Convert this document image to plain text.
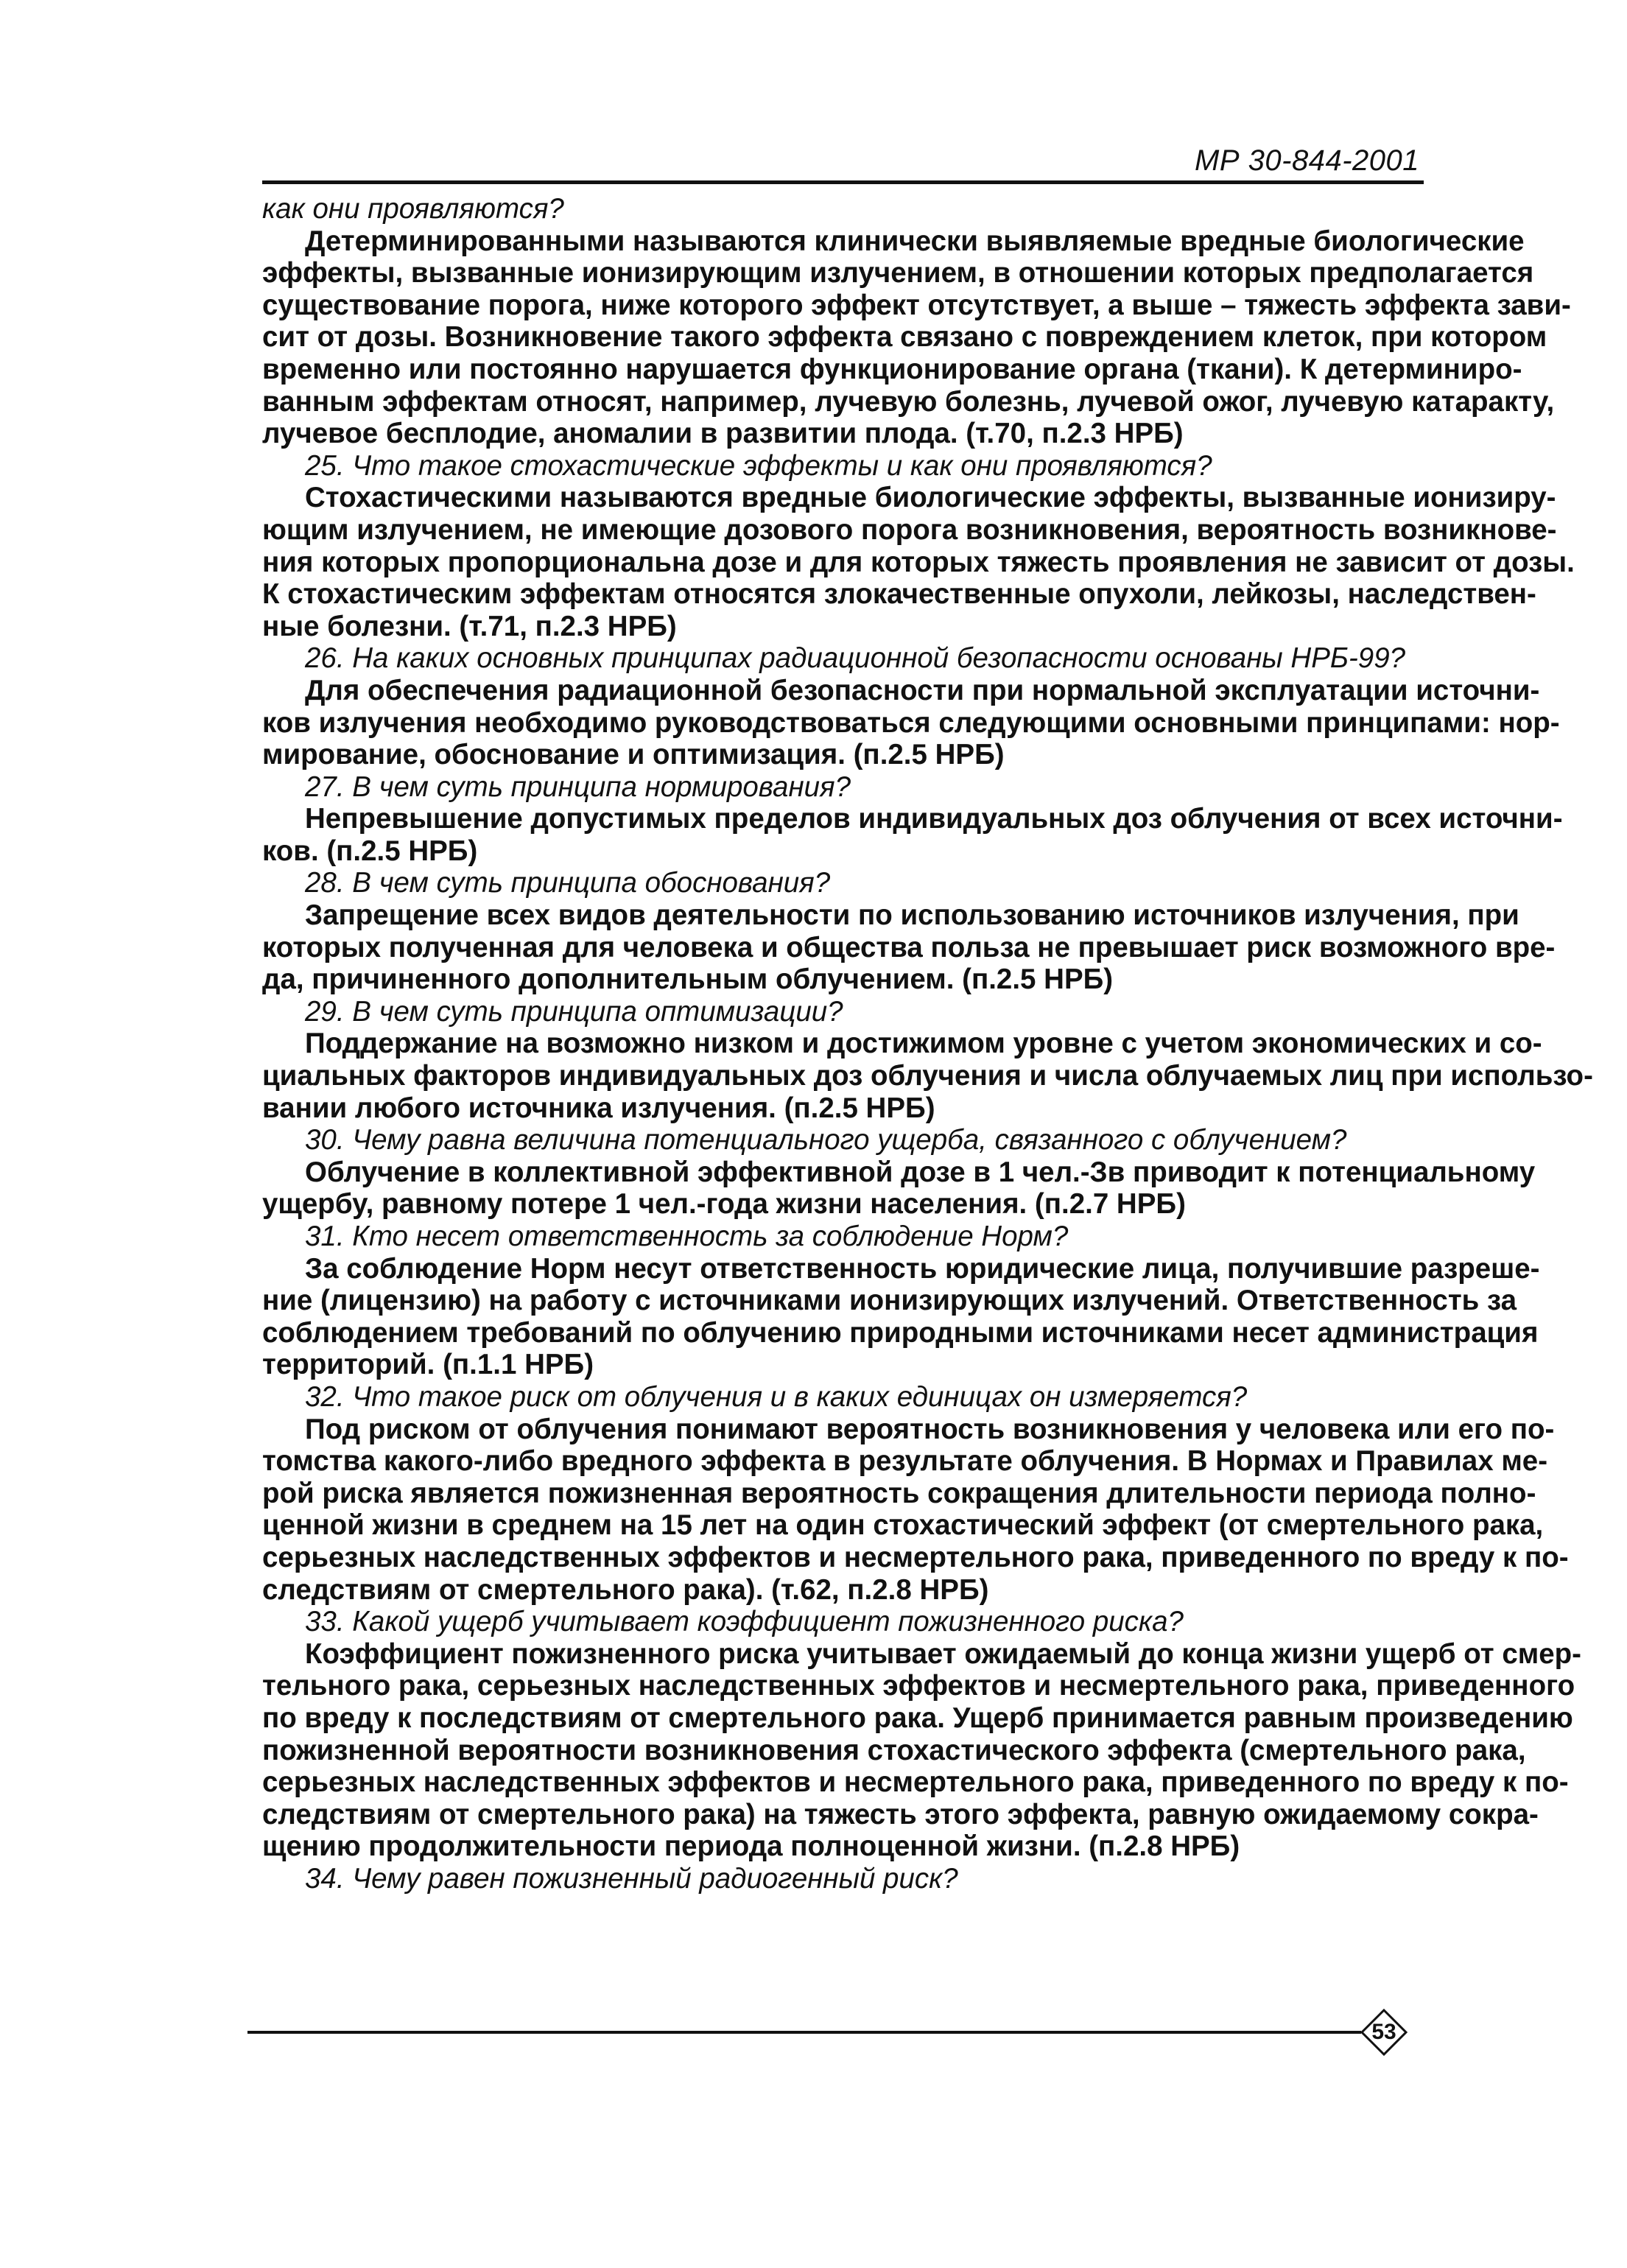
МР 30-844-2001
как они проявляются?
Детерминированными называются клинически выявляемые вредные биологические
эффекты, вызванные ионизирующим излучением, в отношении которых предполагается
существование порога, ниже которого эффект отсутствует, а выше – тяжесть эффекта зави-
сит от дозы. Возникновение такого эффекта связано с повреждением клеток, при котором
временно или постоянно нарушается функционирование органа (ткани). К детерминиро-
ванным эффектам относят, например, лучевую болезнь, лучевой ожог, лучевую катаракту,
лучевое бесплодие, аномалии в развитии плода. (т.70, п.2.3 НРБ)
25. Что такое стохастические эффекты и как они проявляются?
Стохастическими называются вредные биологические эффекты, вызванные ионизиру-
ющим излучением, не имеющие дозового порога возникновения, вероятность возникнове-
ния которых пропорциональна дозе и для которых тяжесть проявления не зависит от дозы.
К стохастическим эффектам относятся злокачественные опухоли, лейкозы, наследствен-
ные болезни. (т.71, п.2.3 НРБ)
26. На каких основных принципах радиационной безопасности основаны НРБ-99?
Для обеспечения радиационной безопасности при нормальной эксплуатации источни-
ков излучения необходимо руководствоваться следующими основными принципами: нор-
мирование, обоснование и оптимизация. (п.2.5 НРБ)
27. В чем суть принципа нормирования?
Непревышение допустимых пределов индивидуальных доз облучения от всех источни-
ков. (п.2.5 НРБ)
28. В чем суть принципа обоснования?
Запрещение всех видов деятельности по использованию источников излучения, при
которых полученная для человека и общества польза не превышает риск возможного вре-
да, причиненного дополнительным облучением. (п.2.5 НРБ)
29. В чем суть принципа оптимизации?
Поддержание на возможно низком и достижимом уровне с учетом экономических и со-
циальных факторов индивидуальных доз облучения и числа облучаемых лиц при использо-
вании любого источника излучения. (п.2.5 НРБ)
30. Чему равна величина потенциального ущерба, связанного с облучением?
Облучение в коллективной эффективной дозе в 1 чел.-Зв приводит к потенциальному
ущербу, равному потере 1 чел.-года жизни населения. (п.2.7 НРБ)
31. Кто несет ответственность за соблюдение Норм?
За соблюдение Норм несут ответственность юридические лица, получившие разреше-
ние (лицензию) на работу с источниками ионизирующих излучений. Ответственность за
соблюдением требований по облучению природными источниками несет администрация
территорий. (п.1.1 НРБ)
32. Что такое риск от облучения и в каких единицах он измеряется?
Под риском от облучения понимают вероятность возникновения у человека или его по-
томства какого-либо вредного эффекта в результате облучения. В Нормах и Правилах ме-
рой риска является пожизненная вероятность сокращения длительности периода полно-
ценной жизни в среднем на 15 лет на один стохастический эффект (от смертельного рака,
серьезных наследственных эффектов и несмертельного рака, приведенного по вреду к по-
следствиям от смертельного рака). (т.62, п.2.8 НРБ)
33. Какой ущерб учитывает коэффициент пожизненного риска?
Коэффициент пожизненного риска учитывает ожидаемый до конца жизни ущерб от смер-
тельного рака, серьезных наследственных эффектов и несмертельного рака, приведенного
по вреду к последствиям от смертельного рака. Ущерб принимается равным произведению
пожизненной вероятности возникновения стохастического эффекта (смертельного рака,
серьезных наследственных эффектов и несмертельного рака, приведенного по вреду к по-
следствиям от смертельного рака) на тяжесть этого эффекта, равную ожидаемому сокра-
щению продолжительности периода полноценной жизни. (п.2.8 НРБ)
34. Чему равен пожизненный радиогенный риск?
53
